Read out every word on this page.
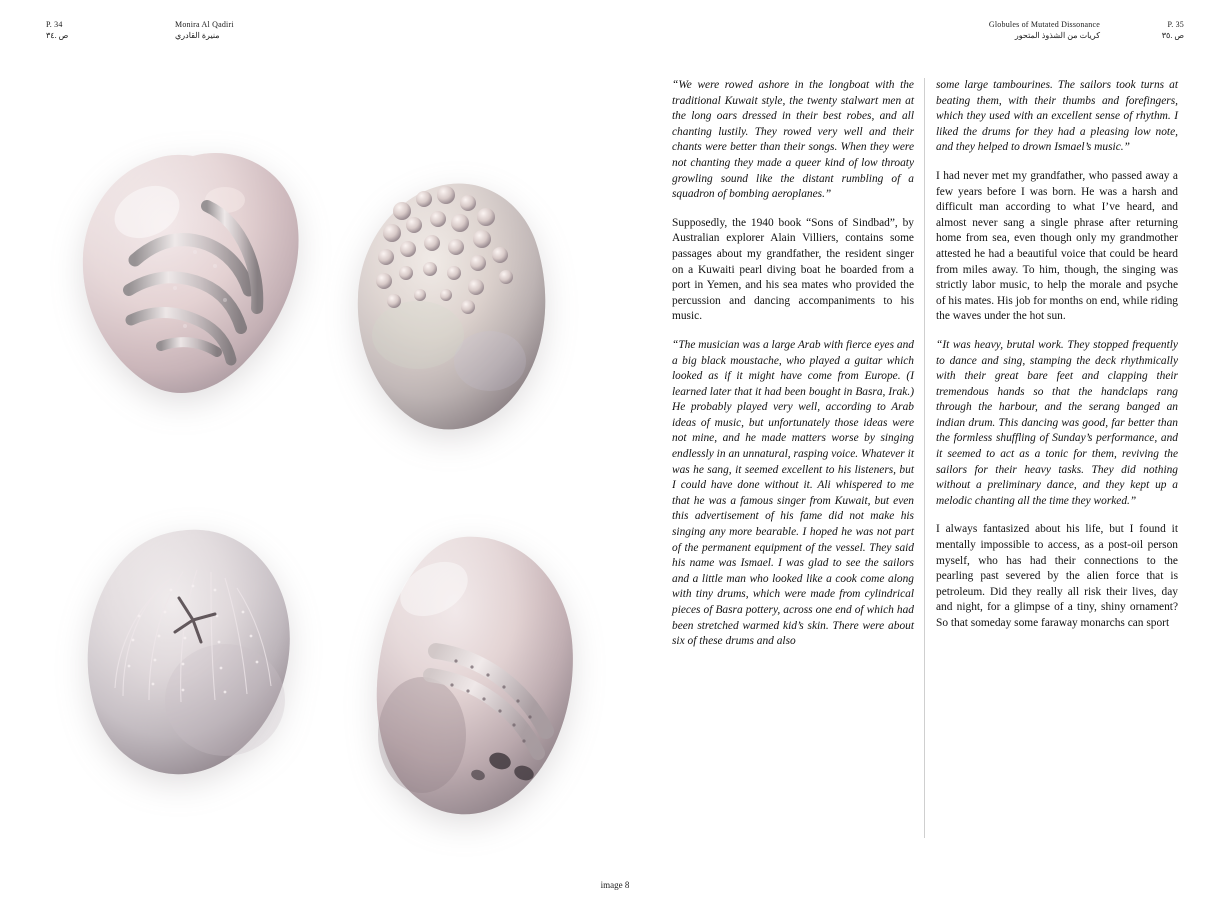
P. 34
ص .٣٤
Monira Al Qadiri
منيرة القادري
Globules of Mutated Dissonance
كريات من الشذوذ المتحور
P. 35
ص .٣٥
image 8

“We were rowed ashore in the longboat with the traditional Kuwait style, the twenty stalwart men at the long oars dressed in their best robes, and all chanting lustily. They rowed very well and their chants were better than their songs. When they were not chanting they made a queer kind of low throaty growling sound like the distant rumbling of a squadron of bombing aeroplanes.”

Supposedly, the 1940 book “Sons of Sindbad”, by Australian explorer Alain Villiers, contains some passages about my grandfather, the resident singer on a Kuwaiti pearl diving boat he boarded from a port in Yemen, and his sea mates who provided the percussion and dancing accompaniments to his music.

“The musician was a large Arab with fierce eyes and a big black moustache, who played a guitar which looked as if it might have come from Europe. (I learned later that it had been bought in Basra, Irak.) He probably played very well, according to Arab ideas of music, but unfortunately those ideas were not mine, and he made matters worse by singing endlessly in an unnatural, rasping voice. Whatever it was he sang, it seemed excellent to his listeners, but I could have done without it. Ali whispered to me that he was a famous singer from Kuwait, but even this advertisement of his fame did not make his singing any more bearable. I hoped he was not part of the permanent equipment of the vessel. They said his name was Ismael. I was glad to see the sailors and a little man who looked like a cook come along with tiny drums, which were made from cylindrical pieces of Basra pottery, across one end of which had been stretched warmed kid’s skin. There were about six of these drums and also

some large tambourines. The sailors took turns at beating them, with their thumbs and forefingers, which they used with an excellent sense of rhythm. I liked the drums for they had a pleasing low note, and they helped to drown Ismael’s music.”

I had never met my grandfather, who passed away a few years before I was born. He was a harsh and difficult man according to what I’ve heard, and almost never sang a single phrase after returning home from sea, even though only my grandmother attested he had a beautiful voice that could be heard from miles away. To him, though, the singing was strictly labor music, to help the morale and psyche of his mates. His job for months on end, while riding the waves under the hot sun.

“It was heavy, brutal work. They stopped frequently to dance and sing, stamping the deck rhythmically with their great bare feet and clapping their tremendous hands so that the handclaps rang through the harbour, and the serang banged an indian drum. This dancing was good, far better than the formless shuffling of Sunday’s performance, and it seemed to act as a tonic for them, reviving the sailors for their heavy tasks. They did nothing without a preliminary dance, and they kept up a melodic chanting all the time they worked.”

I always fantasized about his life, but I found it mentally impossible to access, as a post-oil person myself, who has had their connections to the pearling past severed by the alien force that is petroleum. Did they really all risk their lives, day and night, for a glimpse of a tiny, shiny ornament? So that someday some faraway monarchs can sport
